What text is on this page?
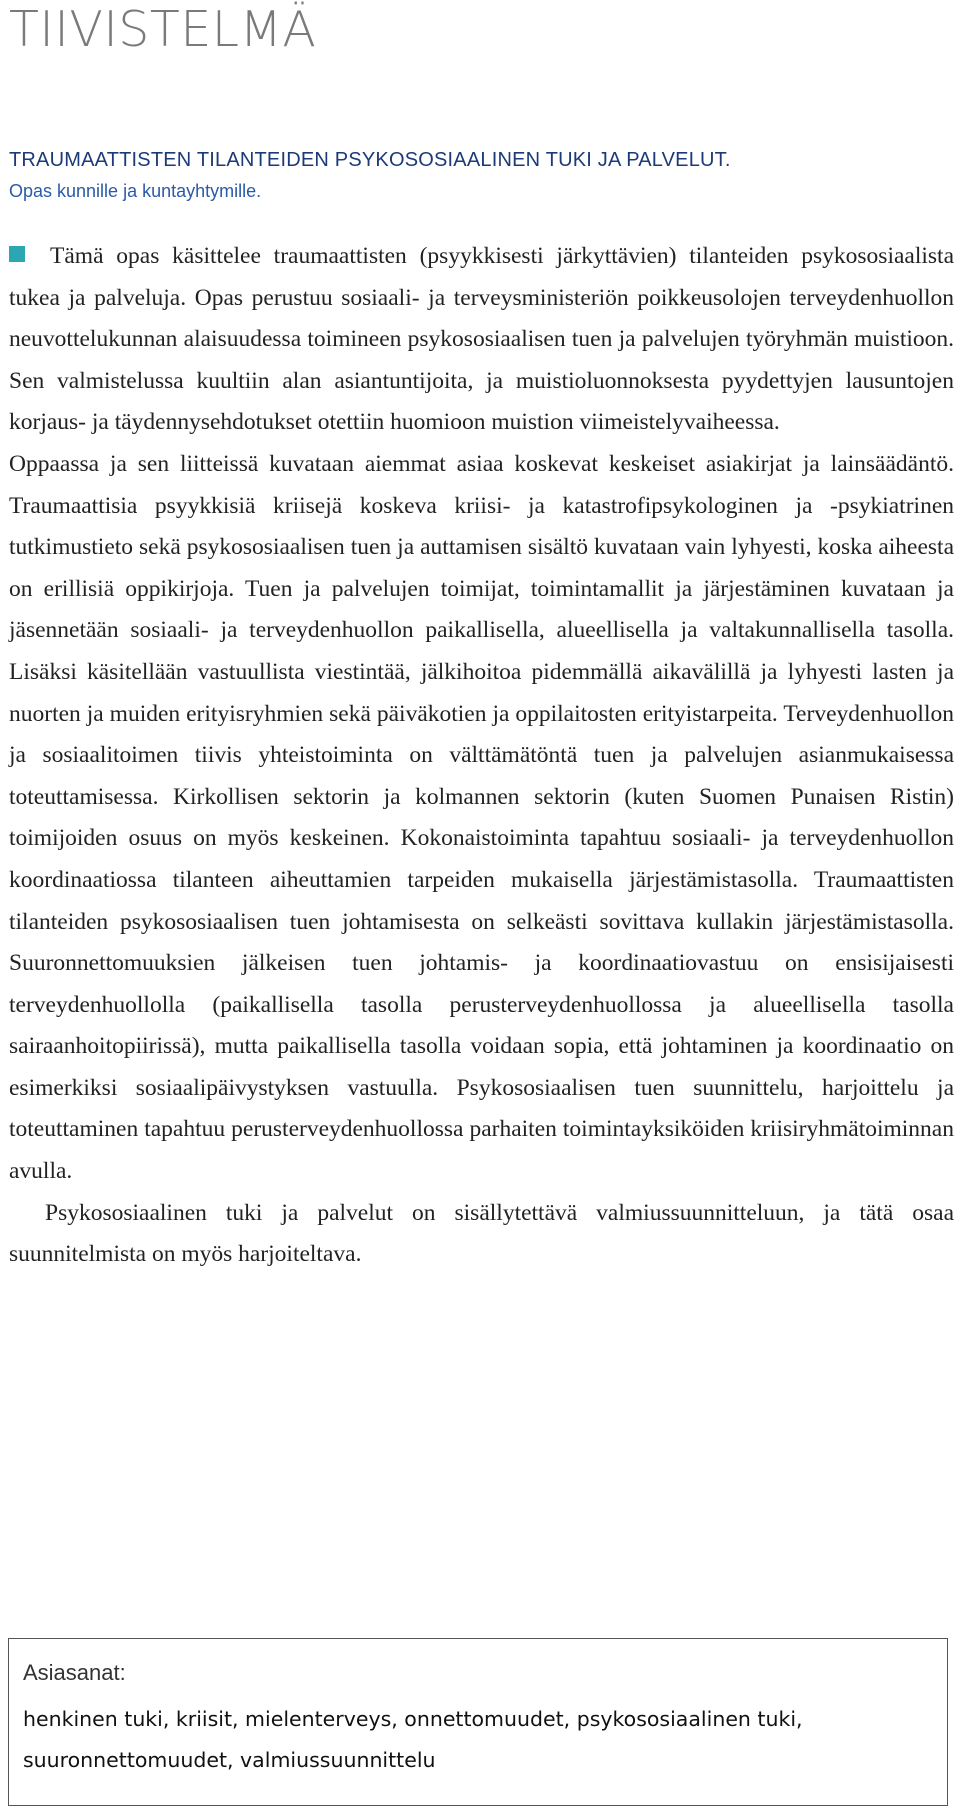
TIIVISTELMÄ

TRAUMAATTISTEN TILANTEIDEN PSYKOSOSIAALINEN TUKI JA PALVELUT.

Opas kunnille ja kuntayhtymille.

Tämä opas käsittelee traumaattisten (psyykkisesti järkyttävien) tilanteiden psykososiaalista tukea ja palveluja. Opas perustuu sosiaali- ja terveysministeriön poikkeusolojen terveydenhuollon neuvottelukunnan alaisuudessa toimineen psykososiaalisen tuen ja palvelujen työryhmän muistioon. Sen valmistelussa kuultiin alan asiantuntijoita, ja muistioluonnoksesta pyydettyjen lausuntojen korjaus- ja täydennysehdotukset otettiin huomioon muistion viimeistelyvaiheessa.

Oppaassa ja sen liitteissä kuvataan aiemmat asiaa koskevat keskeiset asiakirjat ja lainsäädäntö. Traumaattisia psyykkisiä kriisejä koskeva kriisi- ja katastrofipsykologinen ja -psykiatrinen tutkimustieto sekä psykososiaalisen tuen ja auttamisen sisältö kuvataan vain lyhyesti, koska aiheesta on erillisiä oppikirjoja. Tuen ja palvelujen toimijat, toimintamallit ja järjestäminen kuvataan ja jäsennetään sosiaali- ja terveydenhuollon paikallisella, alueellisella ja valtakunnallisella tasolla. Lisäksi käsitellään vastuullista viestintää, jälkihoitoa pidemmällä aikavälillä ja lyhyesti lasten ja nuorten ja muiden erityisryhmien sekä päiväkotien ja oppilaitosten erityistarpeita. Terveydenhuollon ja sosiaalitoimen tiivis yhteistoiminta on välttämätöntä tuen ja palvelujen asianmukaisessa toteuttamisessa. Kirkollisen sektorin ja kolmannen sektorin (kuten Suomen Punaisen Ristin) toimijoiden osuus on myös keskeinen. Kokonaistoiminta tapahtuu sosiaali- ja terveydenhuollon koordinaatiossa tilanteen aiheuttamien tarpeiden mukaisella järjestämistasolla. Traumaattisten tilanteiden psykososiaalisen tuen johtamisesta on selkeästi sovittava kullakin järjestämistasolla. Suuronnettomuuksien jälkeisen tuen johtamis- ja koordinaatiovastuu on ensisijaisesti terveydenhuollolla (paikallisella tasolla perusterveydenhuollossa ja alueellisella tasolla sairaanhoitopiirissä), mutta paikallisella tasolla voidaan sopia, että johtaminen ja koordinaatio on esimerkiksi sosiaalipäivystyksen vastuulla. Psykososiaalisen tuen suunnittelu, harjoittelu ja toteuttaminen tapahtuu perusterveydenhuollossa parhaiten toimintayksiköiden kriisiryhmätoiminnan avulla.

Psykososiaalinen tuki ja palvelut on sisällytettävä valmiussuunnitteluun, ja tätä osaa suunnitelmista on myös harjoiteltava.

Asiasanat:
henkinen tuki, kriisit, mielenterveys, onnettomuudet, psykososiaalinen tuki, suuronnettomuudet, valmiussuunnittelu
